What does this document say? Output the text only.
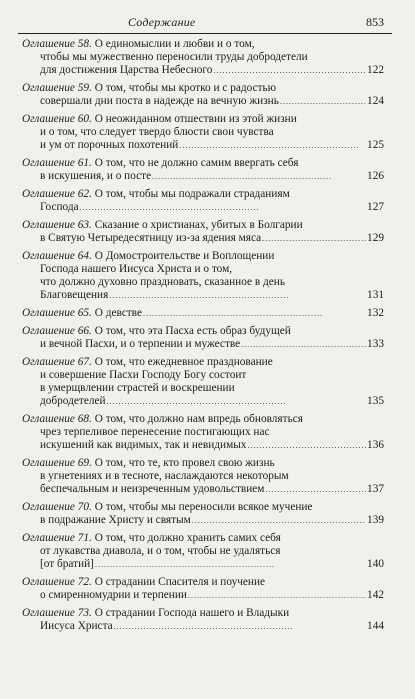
Содержание	853
Оглашение 58.
О единомыслии и любви и о том,
чтобы мы мужественно переносили труды добродетели
для достижения Царства Небесного . . .	122
Оглашение 59.
О том, чтобы мы кротко и с радостью
совершали дни поста в надежде на вечную жизнь . . .	124
Оглашение 60.
О неожиданном отшествии из этой жизни
и о том, что следует твердо блюсти свои чувства
и ум от порочных похотений . . .	125
Оглашение 61.
О том, что не должно самим ввергать себя
в искушения, и о посте . . .	126
Оглашение 62.
О том, чтобы мы подражали страданиям
Господа . . .	127
Оглашение 63.
Сказание о христианах, убитых в Болгарии
в Святую Четыредесятницу из-за ядения мяса . . .	129
Оглашение 64.
О Домостроительстве и Воплощении
Господа нашего Иисуса Христа и о том,
что должно духовно праздновать, сказанное в день
Благовещения . . .	131
Оглашение 65.
О девстве . . .	132
Оглашение 66.
О том, что эта Пасха есть образ будущей
и вечной Пасхи, и о терпении и мужестве . . .	133
Оглашение 67.
О том, что ежедневное празднование
и совершение Пасхи Господу Богу состоит
в умерщвлении страстей и воскрешении
добродетелей . . .	135
Оглашение 68.
О том, что должно нам впредь обновляться
чрез терпеливое перенесение постигающих нас
искушений как видимых, так и невидимых . . .	136
Оглашение 69.
О том, что те, кто провел свою жизнь
в угнетениях и в тесноте, наслаждаются некоторым
беспечальным и неизреченным удовольствием . . .	137
Оглашение 70.
О том, чтобы мы переносили всякое мучение
в подражание Христу и святым . . .	139
Оглашение 71.
О том, что должно хранить самих себя
от лукавства диавола, и о том, чтобы не удаляться
[от братий] . . .	140
Оглашение 72.
О страдании Спасителя и поучение
о смиренномудрии и терпении . . .	142
Оглашение 73.
О страдании Господа нашего и Владыки
Иисуса Христа . . .	144
